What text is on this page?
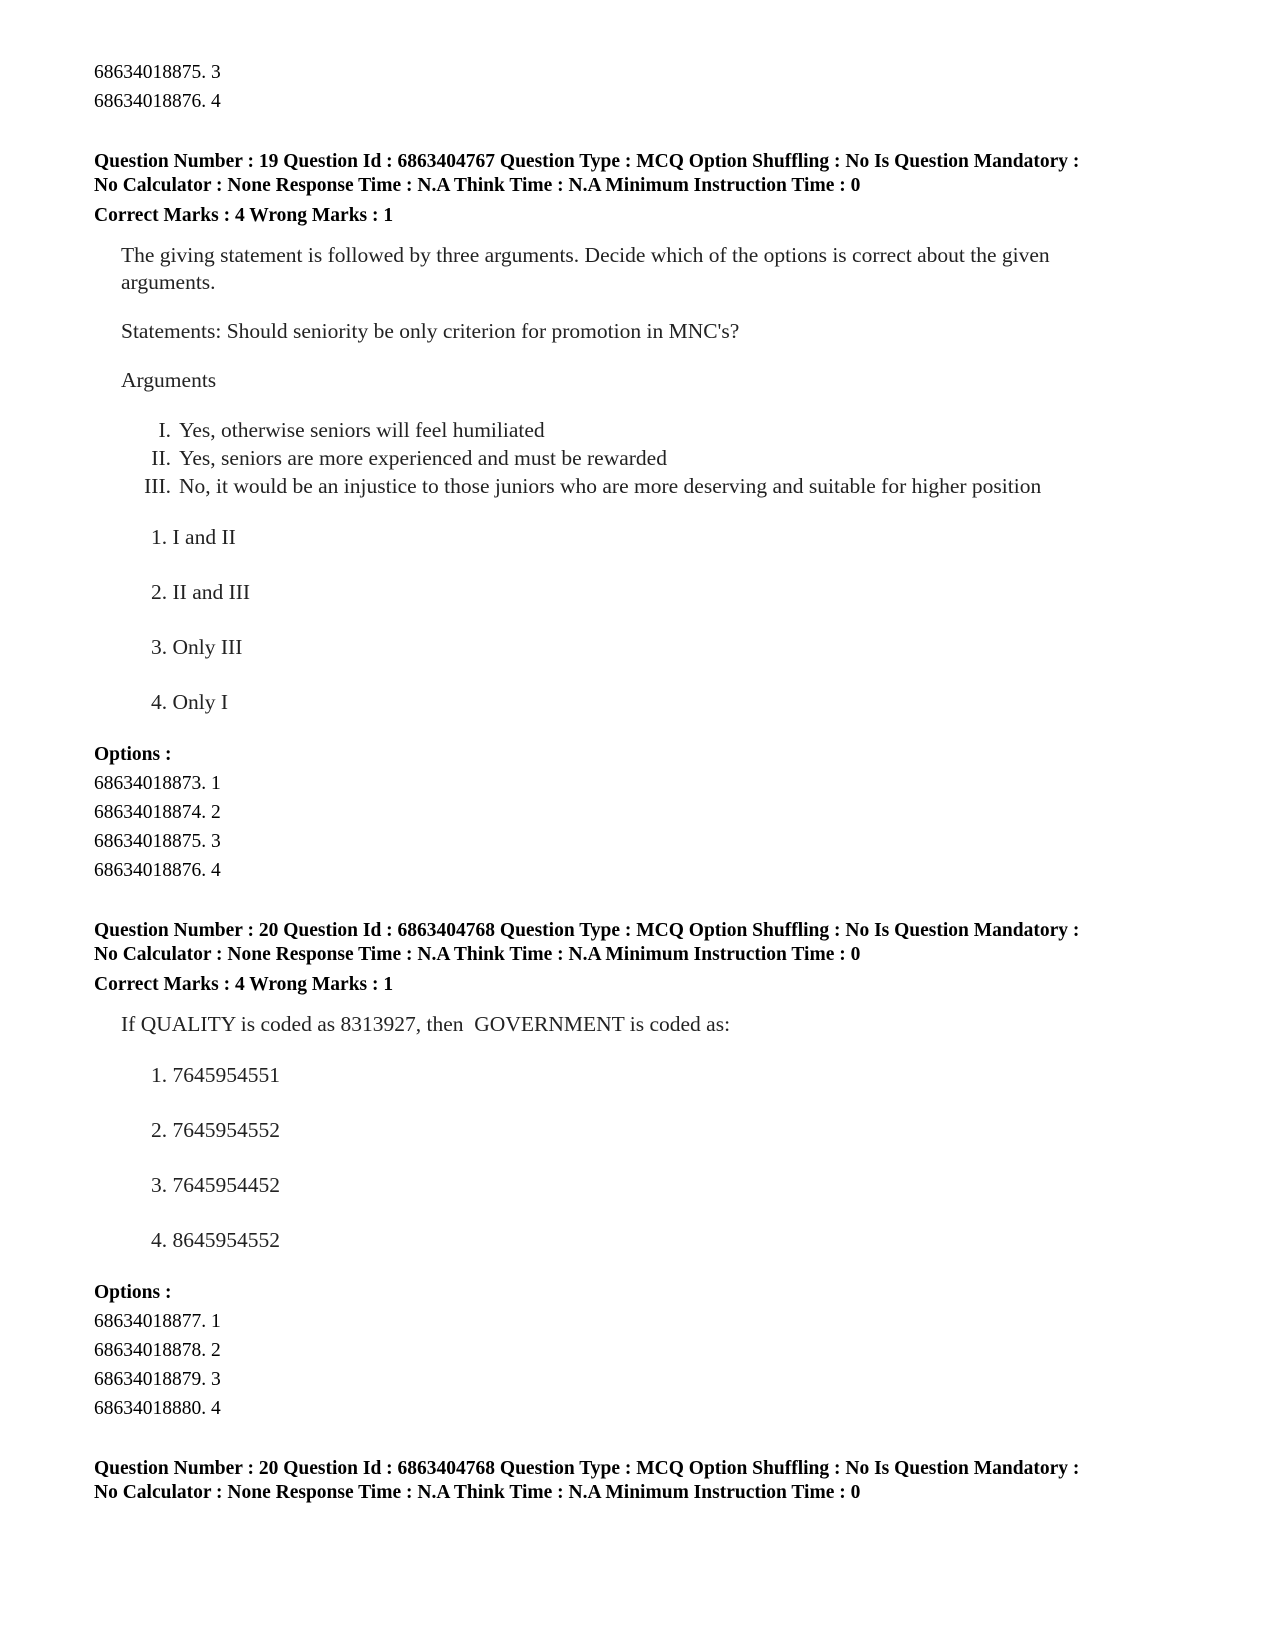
68634018875. 3
68634018876. 4
Question Number : 19 Question Id : 6863404767 Question Type : MCQ Option Shuffling : No Is Question Mandatory :
No Calculator : None Response Time : N.A Think Time : N.A Minimum Instruction Time : 0
Correct Marks : 4 Wrong Marks : 1
The giving statement is followed by three arguments. Decide which of the options is correct about the given
arguments.
Statements: Should seniority be only criterion for promotion in MNC's?
Arguments
I. Yes, otherwise seniors will feel humiliated
II. Yes, seniors are more experienced and must be rewarded
III. No, it would be an injustice to those juniors who are more deserving and suitable for higher position
1. I and II
2. II and III
3. Only III
4. Only I
Options :
68634018873. 1
68634018874. 2
68634018875. 3
68634018876. 4
Question Number : 20 Question Id : 6863404768 Question Type : MCQ Option Shuffling : No Is Question Mandatory :
No Calculator : None Response Time : N.A Think Time : N.A Minimum Instruction Time : 0
Correct Marks : 4 Wrong Marks : 1
If QUALITY is coded as 8313927, then  GOVERNMENT is coded as:
1. 7645954551
2. 7645954552
3. 7645954452
4. 8645954552
Options :
68634018877. 1
68634018878. 2
68634018879. 3
68634018880. 4
Question Number : 20 Question Id : 6863404768 Question Type : MCQ Option Shuffling : No Is Question Mandatory :
No Calculator : None Response Time : N.A Think Time : N.A Minimum Instruction Time : 0
